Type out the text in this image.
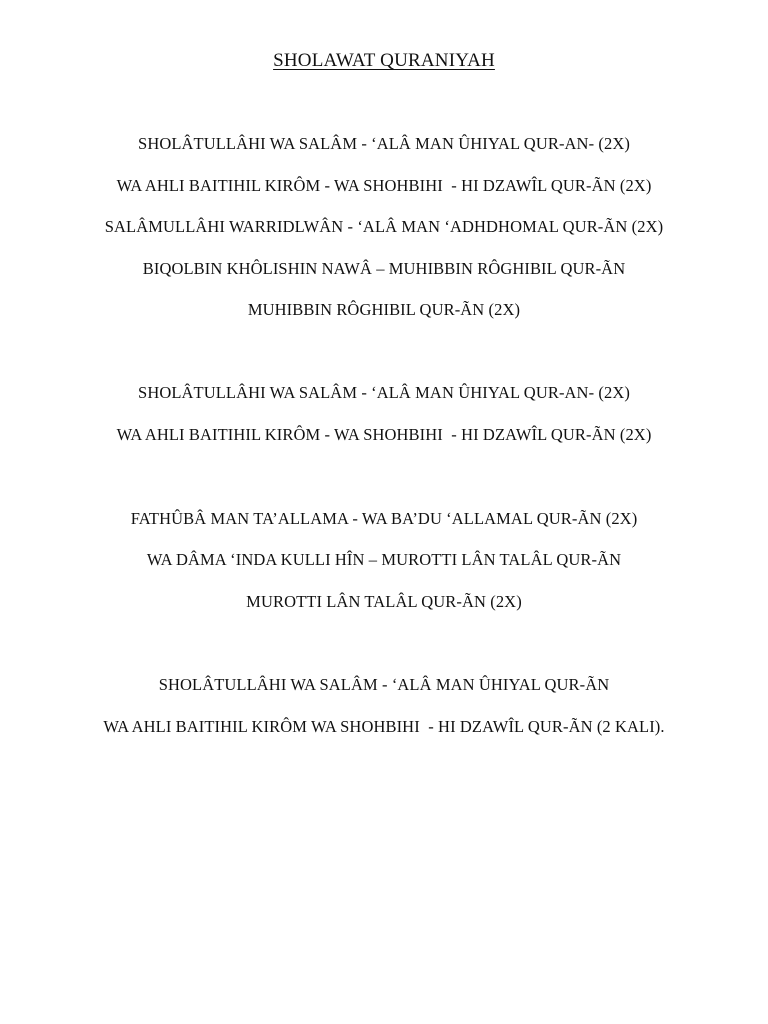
SHOLAWAT QURANIYAH
SHOLÂTULLÂHI WA SALÂM - ‘ALÂ MAN ÛHIYAL QUR-AN- (2X)
WA AHLI BAITIHIL KIRÔM - WA SHOHBIHI  - HI DZAWÎL QUR-ÃN (2X)
SALÂMULLÂHI WARRIDLWÂN - ‘ALÂ MAN ‘ADHDHOMAL QUR-ÃN (2X)
BIQOLBIN KHÔLISHIN NAWÂ – MUHIBBIN RÔGHIBIL QUR-ÃN
MUHIBBIN RÔGHIBIL QUR-ÃN (2X)
SHOLÂTULLÂHI WA SALÂM - ‘ALÂ MAN ÛHIYAL QUR-AN- (2X)
WA AHLI BAITIHIL KIRÔM - WA SHOHBIHI  - HI DZAWÎL QUR-ÃN (2X)
FATHÛBÂ MAN TA’ALLAMA - WA BA’DU ‘ALLAMAL QUR-ÃN (2X)
WA DÂMA ‘INDA KULLI HÎN – MUROTTI LÂN TALÂL QUR-ÃN
MUROTTI LÂN TALÂL QUR-ÃN (2X)
SHOLÂTULLÂHI WA SALÂM - ‘ALÂ MAN ÛHIYAL QUR-ÃN
WA AHLI BAITIHIL KIRÔM WA SHOHBIHI  - HI DZAWÎL QUR-ÃN (2 KALI).
